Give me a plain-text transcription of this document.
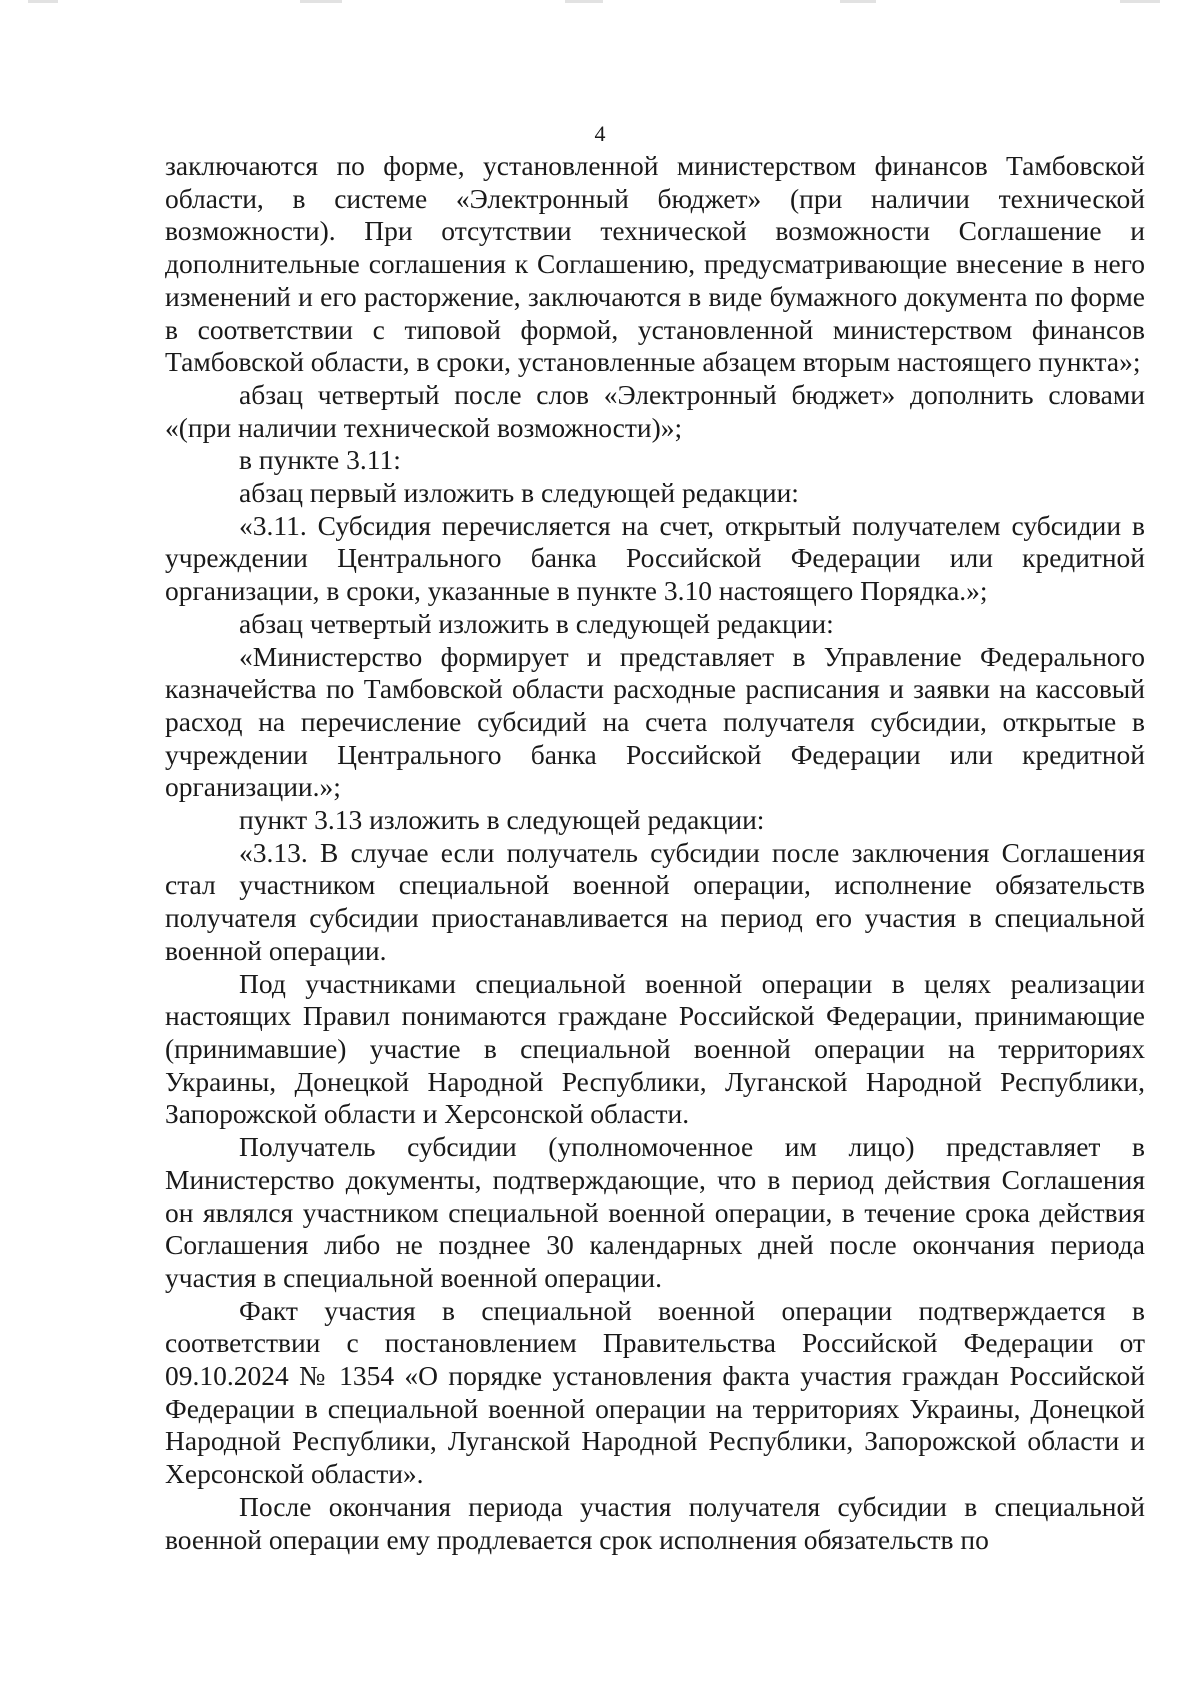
4

заключаются по форме, установленной министерством финансов Тамбовской области, в системе «Электронный бюджет» (при наличии технической возможности). При отсутствии технической возможности Соглашение и дополнительные соглашения к Соглашению, предусматривающие внесение в него изменений и его расторжение, заключаются в виде бумажного документа по форме в соответствии с типовой формой, установленной министерством финансов Тамбовской области, в сроки, установленные абзацем вторым настоящего пункта»;

абзац четвертый после слов «Электронный бюджет» дополнить словами «(при наличии технической возможности)»;

в пункте 3.11:

абзац первый изложить в следующей редакции:

«3.11. Субсидия перечисляется на счет, открытый получателем субсидии в учреждении Центрального банка Российской Федерации или кредитной организации, в сроки, указанные в пункте 3.10 настоящего Порядка.»;

абзац четвертый изложить в следующей редакции:

«Министерство формирует и представляет в Управление Федерального казначейства по Тамбовской области расходные расписания и заявки на кассовый расход на перечисление субсидий на счета получателя субсидии, открытые в учреждении Центрального банка Российской Федерации или кредитной организации.»;

пункт 3.13 изложить в следующей редакции:

«3.13. В случае если получатель субсидии после заключения Соглашения стал участником специальной военной операции, исполнение обязательств получателя субсидии приостанавливается на период его участия в специальной военной операции.

Под участниками специальной военной операции в целях реализации настоящих Правил понимаются граждане Российской Федерации, принимающие (принимавшие) участие в специальной военной операции на территориях Украины, Донецкой Народной Республики, Луганской Народной Республики, Запорожской области и Херсонской области.

Получатель субсидии (уполномоченное им лицо) представляет в Министерство документы, подтверждающие, что в период действия Соглашения он являлся участником специальной военной операции, в течение срока действия Соглашения либо не позднее 30 календарных дней после окончания периода участия в специальной военной операции.

Факт участия в специальной военной операции подтверждается в соответствии с постановлением Правительства Российской Федерации от 09.10.2024 № 1354 «О порядке установления факта участия граждан Российской Федерации в специальной военной операции на территориях Украины, Донецкой Народной Республики, Луганской Народной Республики, Запорожской области и Херсонской области».

После окончания периода участия получателя субсидии в специальной военной операции ему продлевается срок исполнения обязательств по
